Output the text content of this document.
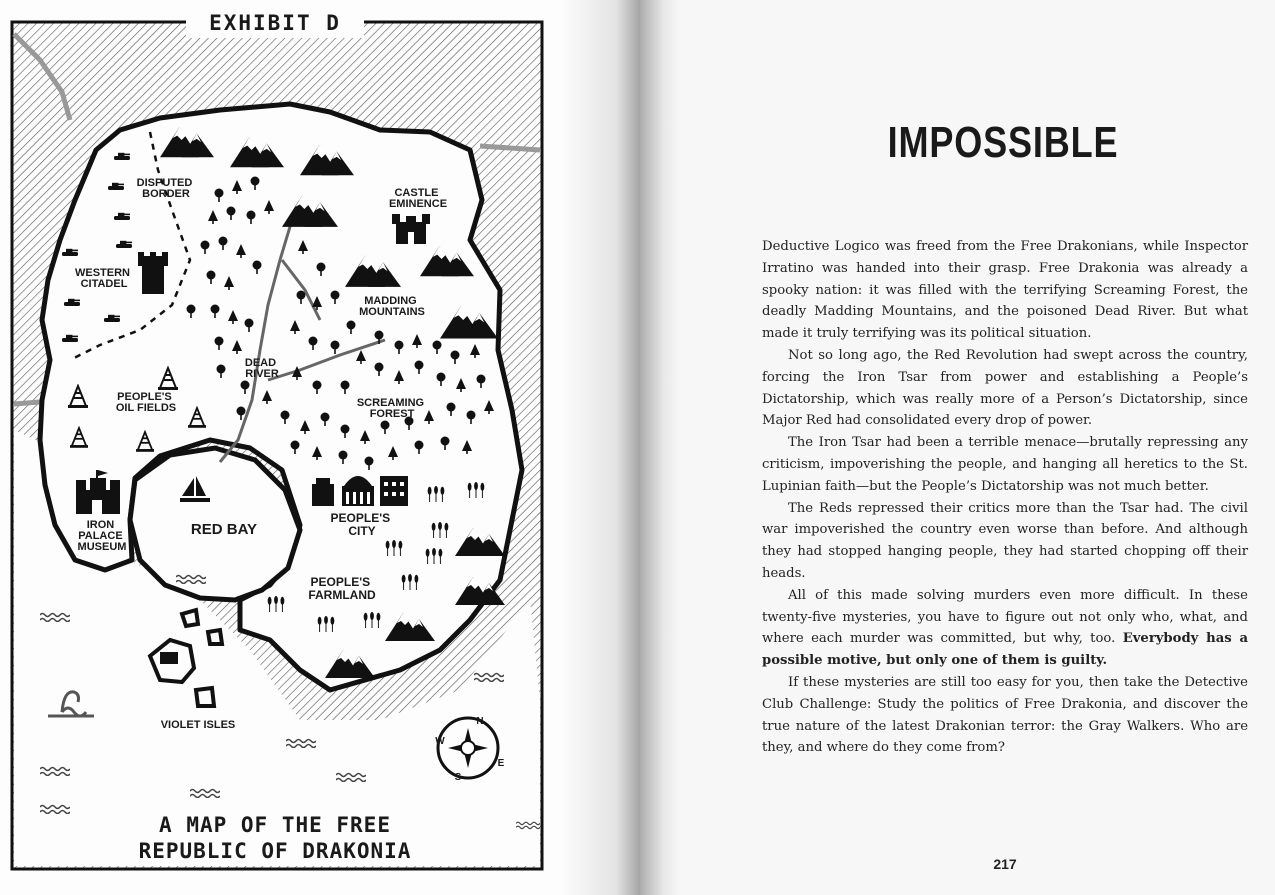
DISPUTED BORDER	CASTLE EMINENCE
WESTERN CITADEL
MADDING MOUNTAINS
DEAD RIVER
PEOPLE'S OIL FIELDS	SCREAMING FOREST
IRON PALACE MUSEUM
RED BAY
PEOPLE'S CITY
PEOPLE'S FARMLAND
VIOLET ISLES	N
E
S
W
EXHIBIT D
A MAP OF THE FREE
REPUBLIC OF DRAKONIA
IMPOSSIBLE

Deductive Logico was freed from the Free Drakonians, while Inspector Irratino was handed into their grasp. Free Drakonia was already a spooky nation: it was filled with the terrifying Screaming Forest, the deadly Madding Mountains, and the poisoned Dead River. But what made it truly terrifying was its political situation.

Not so long ago, the Red Revolution had swept across the country, forcing the Iron Tsar from power and establishing a People’s Dictatorship, which was really more of a Person’s Dictatorship, since Major Red had consolidated every drop of power.

The Iron Tsar had been a terrible menace—brutally repressing any criticism, impoverishing the people, and hanging all heretics to the St. Lupinian faith—but the People’s Dictatorship was not much better.

The Reds repressed their critics more than the Tsar had. The civil war impoverished the country even worse than before. And although they had stopped hanging people, they had started chopping off their heads.

All of this made solving murders even more difficult. In these twenty-five mysteries, you have to figure out not only who, what, and where each murder was committed, but why, too. Everybody has a possible motive, but only one of them is guilty.

If these mysteries are still too easy for you, then take the Detective Club Challenge: Study the politics of Free Drakonia, and discover the true nature of the latest Drakonian terror: the Gray Walkers. Who are they, and where do they come from?

217
